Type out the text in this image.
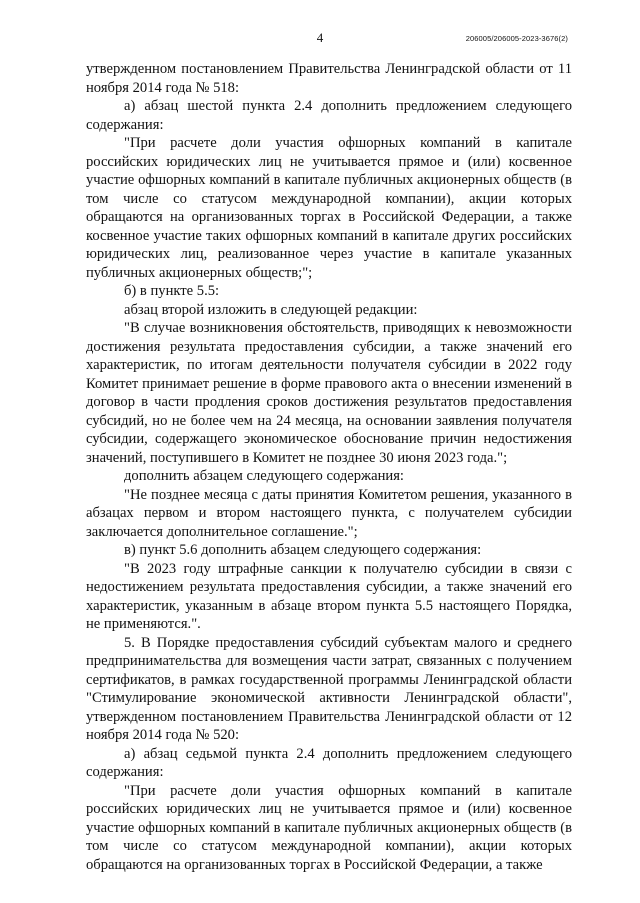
4	206005/206005-2023-3676(2)

утвержденном постановлением Правительства Ленинградской области от 11 ноября 2014 года № 518:

а) абзац шестой пункта 2.4 дополнить предложением следующего содержания:

"При расчете доли участия офшорных компаний в капитале российских юридических лиц не учитывается прямое и (или) косвенное участие офшорных компаний в капитале публичных акционерных обществ (в том числе со статусом международной компании), акции которых обращаются на организованных торгах в Российской Федерации, а также косвенное участие таких офшорных компаний в капитале других российских юридических лиц, реализованное через участие в капитале указанных публичных акционерных обществ;";

б) в пункте 5.5:

абзац второй изложить в следующей редакции:

"В случае возникновения обстоятельств, приводящих к невозможности достижения результата предоставления субсидии, а также значений его характеристик, по итогам деятельности получателя субсидии в 2022 году Комитет принимает решение в форме правового акта о внесении изменений в договор в части продления сроков достижения результатов предоставления субсидий, но не более чем на 24 месяца, на основании заявления получателя субсидии, содержащего экономическое обоснование причин недостижения значений, поступившего в Комитет не позднее 30 июня 2023 года.";

дополнить абзацем следующего содержания:

"Не позднее месяца с даты принятия Комитетом решения, указанного в абзацах первом и втором настоящего пункта, с получателем субсидии заключается дополнительное соглашение.";

в) пункт 5.6 дополнить абзацем следующего содержания:

"В 2023 году штрафные санкции к получателю субсидии в связи с недостижением результата предоставления субсидии, а также значений его характеристик, указанным в абзаце втором пункта 5.5 настоящего Порядка, не применяются.".

5. В Порядке предоставления субсидий субъектам малого и среднего предпринимательства для возмещения части затрат, связанных с получением сертификатов, в рамках государственной программы Ленинградской области "Стимулирование экономической активности Ленинградской области", утвержденном постановлением Правительства Ленинградской области от 12 ноября 2014 года № 520:

а) абзац седьмой пункта 2.4 дополнить предложением следующего содержания:

"При расчете доли участия офшорных компаний в капитале российских юридических лиц не учитывается прямое и (или) косвенное участие офшорных компаний в капитале публичных акционерных обществ (в том числе со статусом международной компании), акции которых обращаются на организованных торгах в Российской Федерации, а также
